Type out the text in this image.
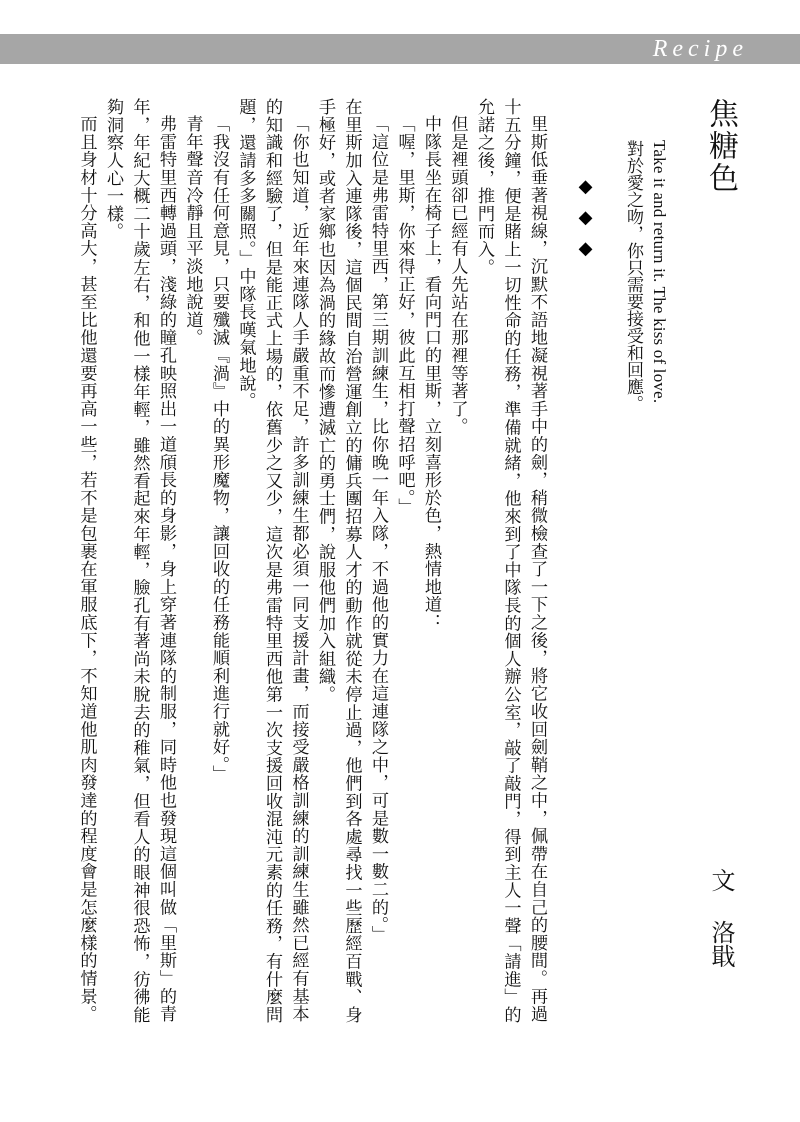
Recipe
焦糖色
文洛戢
Take it and return it. The kiss of love.
對於愛之吻，你只需要接受和回應。
◆◆◆
里斯低垂著視線，沉默不語地凝視著手中的劍，稍微檢查了一下之後，將它收回劍鞘之中，佩帶在自己的腰間。再過十五分鐘，便是賭上一切性命的任務，準備就緒，他來到了中隊長的個人辦公室，敲了敲門，得到主人一聲「請進」的允諾之後，推門而入。
但是裡頭卻已經有人先站在那裡等著了。
中隊長坐在椅子上，看向門口的里斯，立刻喜形於色，熱情地道：
「喔，里斯，你來得正好，彼此互相打聲招呼吧。」
「這位是弗雷特里西，第三期訓練生，比你晚一年入隊，不過他的實力在這連隊之中，可是數一數二的。」
在里斯加入連隊後，這個民間自治營運創立的傭兵團招募人才的動作就從未停止過，他們到各處尋找一些歷經百戰、身手極好，或者家鄉也因為渦的緣故而慘遭滅亡的勇士們，說服他們加入組織。
「你也知道，近年來連隊人手嚴重不足，許多訓練生都必須一同支援計畫，而接受嚴格訓練的訓練生雖然已經有基本的知識和經驗了，但是能正式上場的，依舊少之又少，這次是弗雷特里西他第一次支援回收混沌元素的任務，有什麼問題，還請多多關照。」中隊長嘆氣地說。
「我沒有任何意見，只要殲滅『渦』中的異形魔物，讓回收的任務能順利進行就好。」
青年聲音冷靜且平淡地說道。
弗雷特里西轉過頭，淺綠的瞳孔映照出一道頎長的身影，身上穿著連隊的制服，同時他也發現這個叫做「里斯」的青年，年紀大概二十歲左右，和他一樣年輕，雖然看起來年輕，臉孔有著尚未脫去的稚氣，但看人的眼神很恐怖，彷彿能夠洞察人心一樣。
而且身材十分高大，甚至比他還要再高一些，若不是包裹在軍服底下，不知道他肌肉發達的程度會是怎麼樣的情景。
